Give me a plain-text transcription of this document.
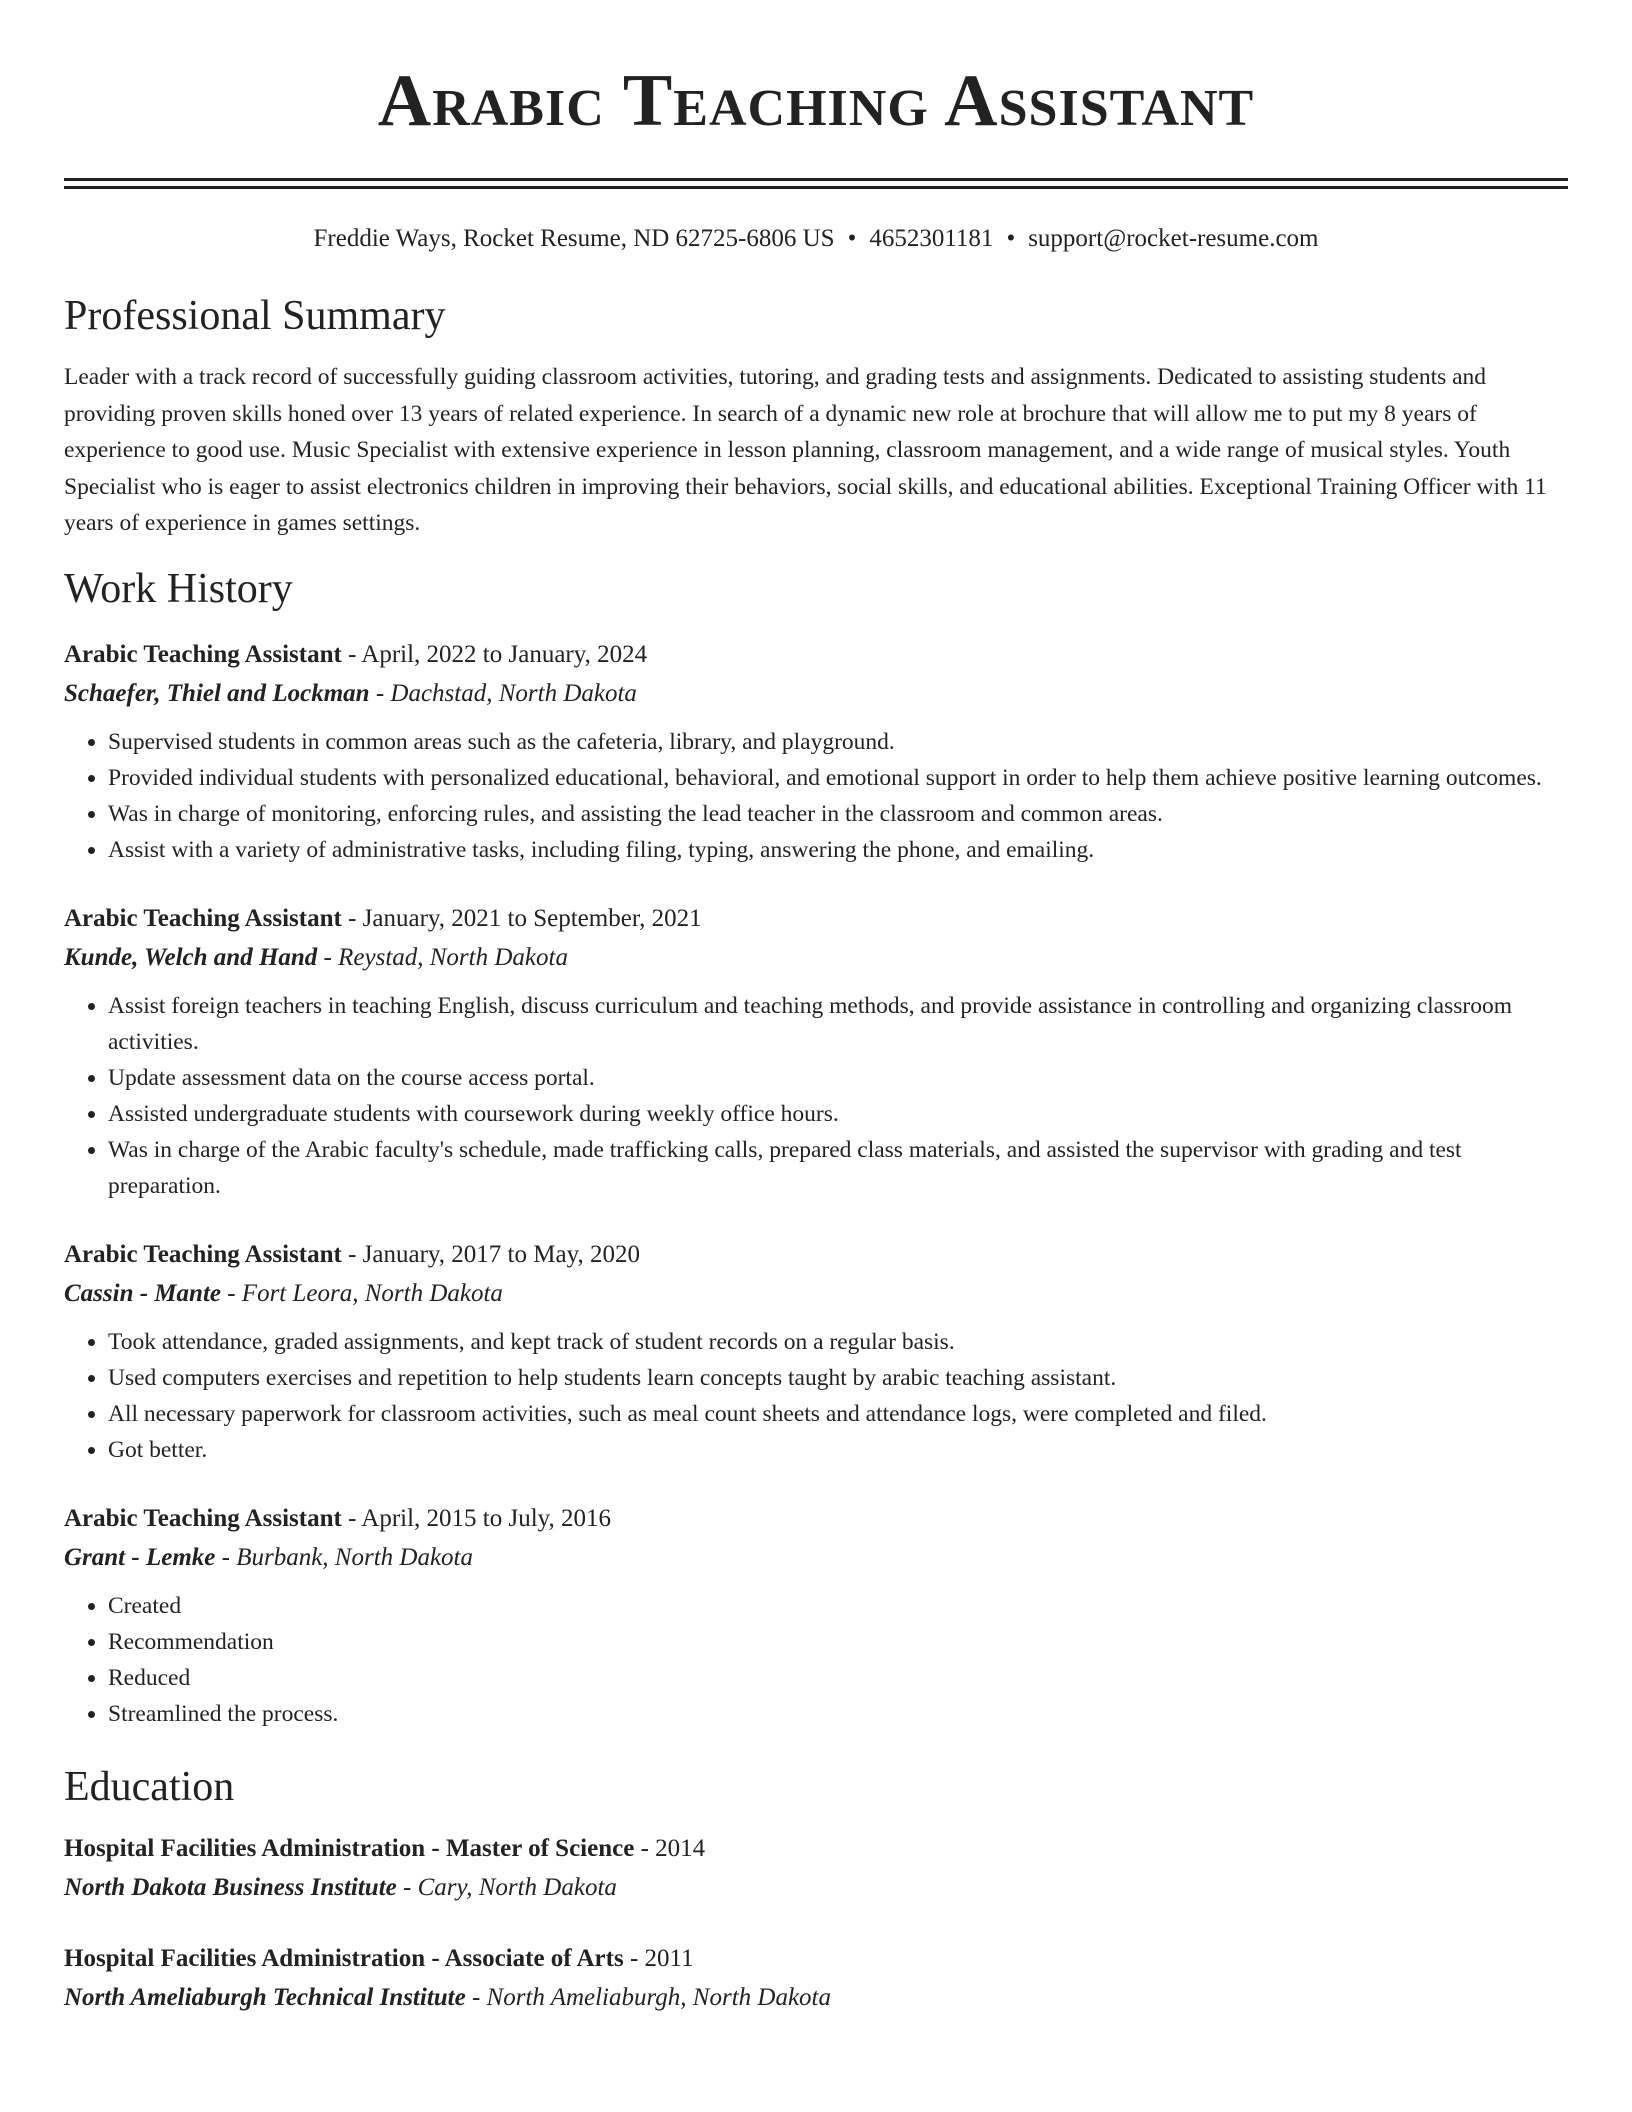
Arabic Teaching Assistant
Freddie Ways, Rocket Resume, ND 62725-6806 US • 4652301181 • support@rocket-resume.com
Professional Summary

Leader with a track record of successfully guiding classroom activities, tutoring, and grading tests and assignments. Dedicated to assisting students and providing proven skills honed over 13 years of related experience. In search of a dynamic new role at brochure that will allow me to put my 8 years of experience to good use. Music Specialist with extensive experience in lesson planning, classroom management, and a wide range of musical styles. Youth Specialist who is eager to assist electronics children in improving their behaviors, social skills, and educational abilities. Exceptional Training Officer with 11 years of experience in games settings.

Work History
Arabic Teaching Assistant - April, 2022 to January, 2024
Schaefer, Thiel and Lockman - Dachstad, North Dakota
• Supervised students in common areas such as the cafeteria, library, and playground.
• Provided individual students with personalized educational, behavioral, and emotional support in order to help them achieve positive learning outcomes.
• Was in charge of monitoring, enforcing rules, and assisting the lead teacher in the classroom and common areas.
• Assist with a variety of administrative tasks, including filing, typing, answering the phone, and emailing.
Arabic Teaching Assistant - January, 2021 to September, 2021
Kunde, Welch and Hand - Reystad, North Dakota
• Assist foreign teachers in teaching English, discuss curriculum and teaching methods, and provide assistance in controlling and organizing classroom activities.
• Update assessment data on the course access portal.
• Assisted undergraduate students with coursework during weekly office hours.
• Was in charge of the Arabic faculty's schedule, made trafficking calls, prepared class materials, and assisted the supervisor with grading and test preparation.
Arabic Teaching Assistant - January, 2017 to May, 2020
Cassin - Mante - Fort Leora, North Dakota
• Took attendance, graded assignments, and kept track of student records on a regular basis.
• Used computers exercises and repetition to help students learn concepts taught by arabic teaching assistant.
• All necessary paperwork for classroom activities, such as meal count sheets and attendance logs, were completed and filed.
• Got better.
Arabic Teaching Assistant - April, 2015 to July, 2016
Grant - Lemke - Burbank, North Dakota
• Created
• Recommendation
• Reduced
• Streamlined the process.
Education
Hospital Facilities Administration - Master of Science - 2014
North Dakota Business Institute - Cary, North Dakota
Hospital Facilities Administration - Associate of Arts - 2011
North Ameliaburgh Technical Institute - North Ameliaburgh, North Dakota
